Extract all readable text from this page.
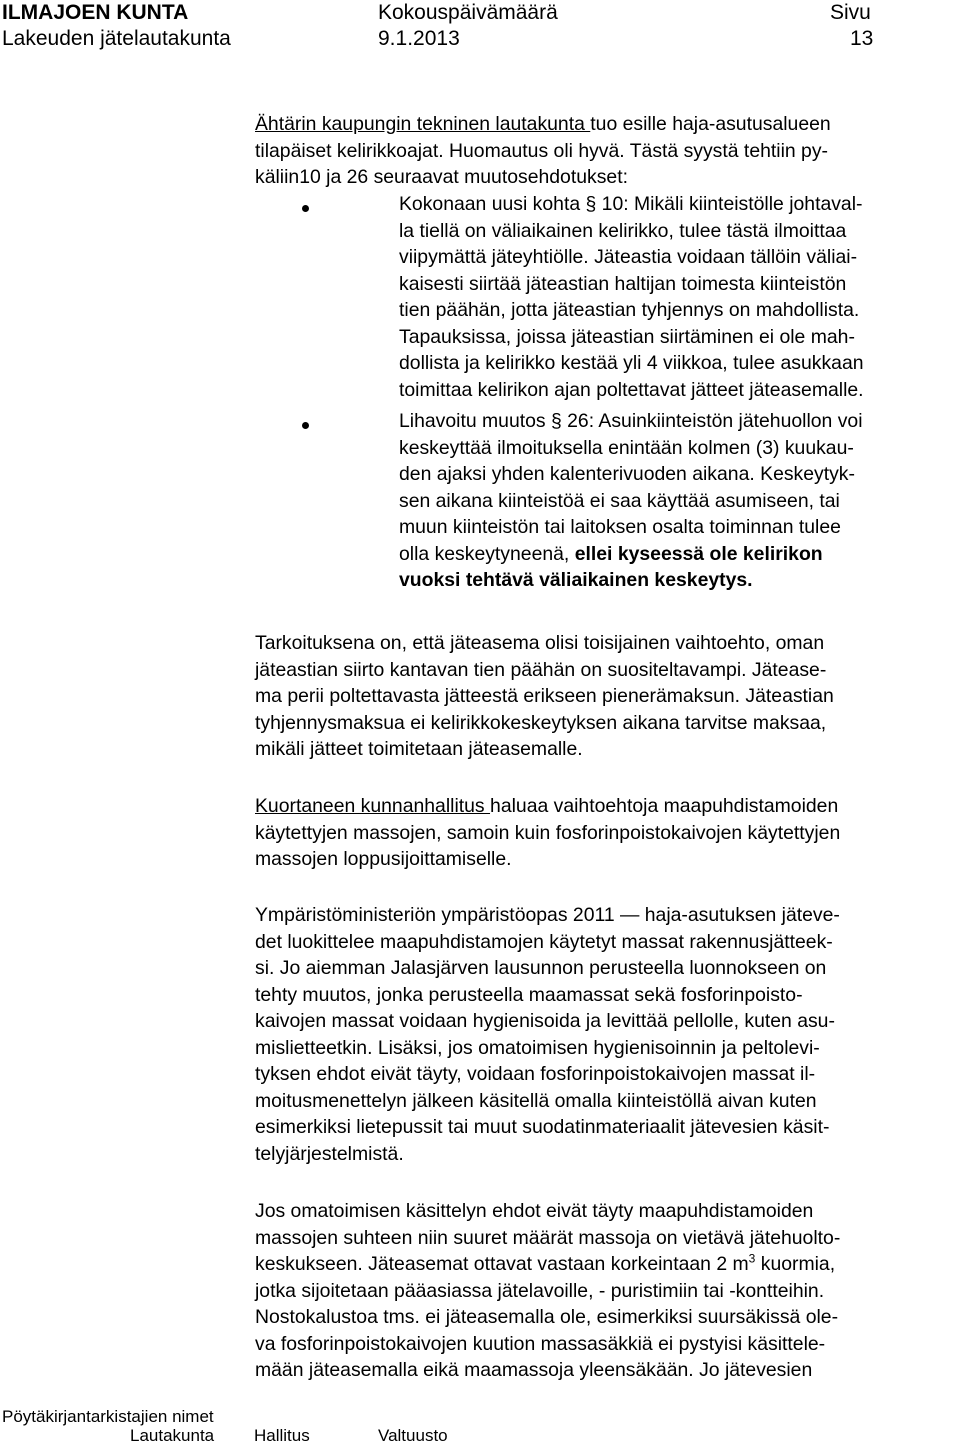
ILMAJOEN KUNTA
Lakeuden jätelautakunta
Kokouspäivämäärä
9.1.2013
Sivu
13
Ähtärin kaupungin tekninen lautakunta tuo esille haja-asutusalueen
tilapäiset kelirikkoajat. Huomautus oli hyvä. Tästä syystä tehtiin py-
käliin10 ja 26 seuraavat muutosehdotukset:
Kokonaan uusi kohta § 10: Mikäli kiinteistölle johtaval-
la tiellä on väliaikainen kelirikko, tulee tästä ilmoittaa
viipymättä jäteyhtiölle. Jäteastia voidaan tällöin väliai-
kaisesti siirtää jäteastian haltijan toimesta kiinteistön
tien päähän, jotta jäteastian tyhjennys on mahdollista.
Tapauksissa, joissa jäteastian siirtäminen ei ole mah-
dollista ja kelirikko kestää yli 4 viikkoa, tulee asukkaan
toimittaa kelirikon ajan poltettavat jätteet jäteasemalle.
Lihavoitu muutos § 26: Asuinkiinteistön jätehuollon voi
keskeyttää ilmoituksella enintään kolmen (3) kuukau-
den ajaksi yhden kalenterivuoden aikana. Keskeytyk-
sen aikana kiinteistöä ei saa käyttää asumiseen, tai
muun kiinteistön tai laitoksen osalta toiminnan tulee
olla keskeytyneenä, ellei kyseessä ole kelirikon
vuoksi tehtävä väliaikainen keskeytys.
Tarkoituksena on, että jäteasema olisi toisijainen vaihtoehto, oman
jäteastian siirto kantavan tien päähän on suositeltavampi. Jätease-
ma perii poltettavasta jätteestä erikseen pienerämaksun. Jäteastian
tyhjennysmaksua ei kelirikkokeskeytyksen aikana tarvitse maksaa,
mikäli jätteet toimitetaan jäteasemalle.
Kuortaneen kunnanhallitus haluaa vaihtoehtoja maapuhdistamoiden
käytettyjen massojen, samoin kuin fosforinpoistokaivojen käytettyjen
massojen loppusijoittamiselle.
Ympäristöministeriön ympäristöopas 2011 — haja-asutuksen jäteve-
det luokittelee maapuhdistamojen käytetyt massat rakennusjätteek-
si. Jo aiemman Jalasjärven lausunnon perusteella luonnokseen on
tehty muutos, jonka perusteella maamassat sekä fosforinpoisto-
kaivojen massat voidaan hygienisoida ja levittää pellolle, kuten asu-
mislietteetkin. Lisäksi, jos omatoimisen hygienisoinnin ja peltolevi-
tyksen ehdot eivät täyty, voidaan fosforinpoistokaivojen massat il-
moitusmenettelyn jälkeen käsitellä omalla kiinteistöllä aivan kuten
esimerkiksi lietepussit tai muut suodatinmateriaalit jätevesien käsit-
telyjärjestelmistä.
Jos omatoimisen käsittelyn ehdot eivät täyty maapuhdistamoiden
massojen suhteen niin suuret määrät massoja on vietävä jätehuolto-
keskukseen. Jäteasemat ottavat vastaan korkeintaan 2 $m^3$ kuormia,
jotka sijoitetaan pääasiassa jätelavoille, - puristimiin tai -kontteihin.
Nostokalustoa tms. ei jäteasemalla ole, esimerkiksi suursäkissä ole-
va fosforinpoistokaivojen kuution massasäkkiä ei pystyisi käsittele-
mään jäteasemalla eikä maamassoja yleensäkään. Jo jätevesien
Pöytäkirjantarkistajien nimet
Lautakunta Hallitus	Valtuusto
